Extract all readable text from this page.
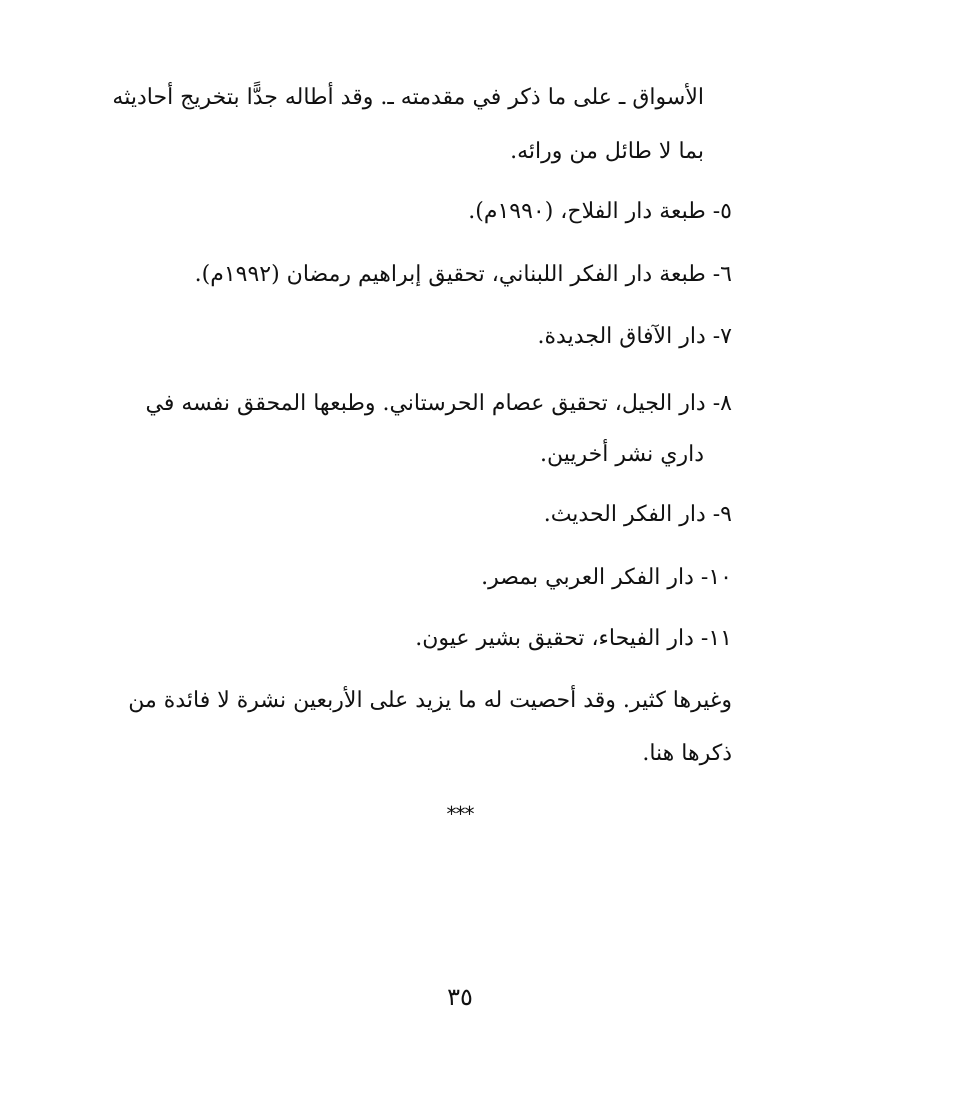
الأسواق ـ على ما ذكر في مقدمته ـ. وقد أطاله جدًّا بتخريج أحاديثه
بما لا طائل من ورائه.
٥- طبعة دار الفلاح، (١٩٩٠م).
٦- طبعة دار الفكر اللبناني، تحقيق إبراهيم رمضان (١٩٩٢م).
٧- دار الآفاق الجديدة.
٨- دار الجيل، تحقيق عصام الحرستاني. وطبعها المحقق نفسه في
داري نشر أخريين.
٩- دار الفكر الحديث.
١٠- دار الفكر العربي بمصر.
١١- دار الفيحاء، تحقيق بشير عيون.
وغيرها كثير. وقد أحصيت له ما يزيد على الأربعين نشرة لا فائدة من
ذكرها هنا.
***
٣٥
